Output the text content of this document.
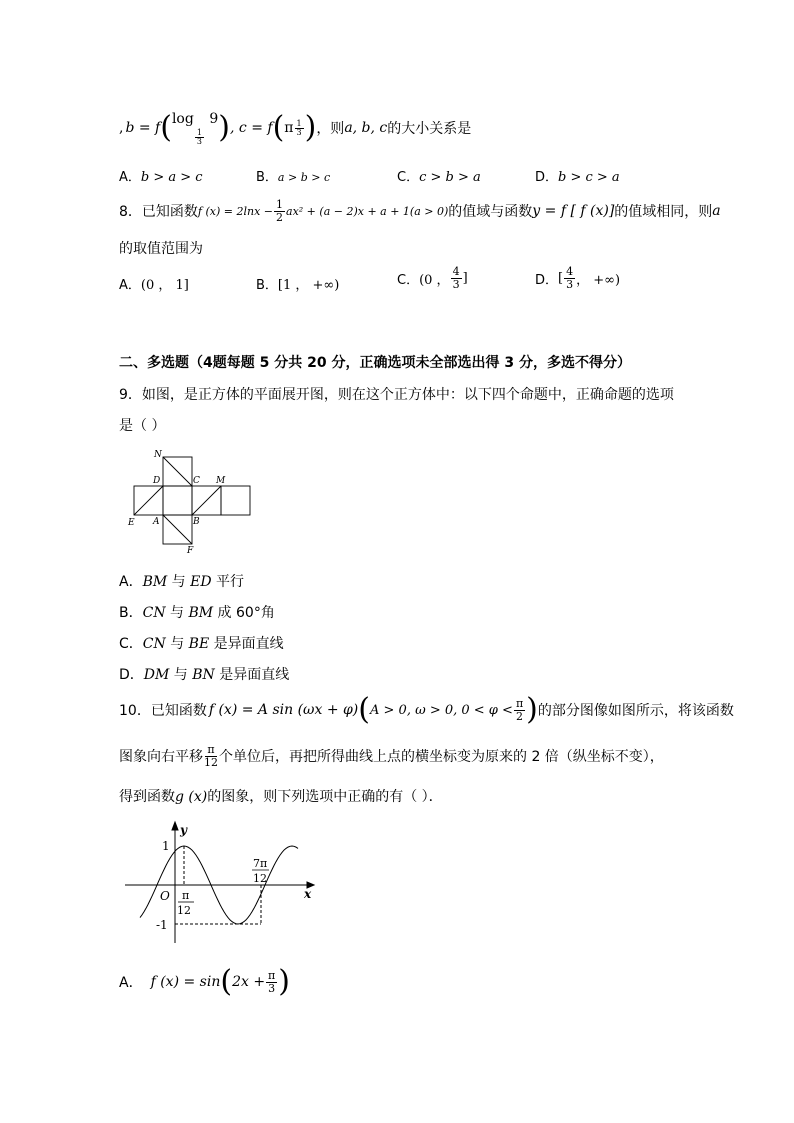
, b = f ( log
$\frac{1}{3}$
9 ) , c = f ( π $\frac{1}{3}$ ) ，则 a, b, c 的大小关系是
A．b > a > c	B．a > b > c	C．c > b > a	D．b > c > a
8．已知函数 f $(x) = 2\ln x - \frac{1}{2} ax^2 + (a - 2)x + a + 1(a > 0)$ 的值域与函数 y = f [ f (x)] 的值域相同，则 a
的取值范围为
A．(0 ， 1]	B．[1 ， +∞)	C． (0 ， $\frac{4}{3}$ ]	D． [ $\frac{4}{3}$ ， +∞)
二、多选题（4题每题 5 分共 20 分，正确选项未全部选出得 3 分，多选不得分）
9．如图，是正方体的平面展开图，则在这个正方体中：以下四个命题中，正确命题的选项
是（ ）
N
D	C M
E A	B
F
A．BM 与 ED 平行
B．CN 与 BM 成 60°角
C．CN 与 BE 是异面直线
D．DM 与 BN 是异面直线
10．已知函数 f (x) = A sin (ωx + φ) ( A > 0, ω > 0, $0 < \varphi < \frac{\pi}{2}$ ) 的部分图像如图所示，将该函数
图象向右平移 $\frac{\pi}{12}$ 个单位后，再把所得曲线上点的横坐标变为原来的 2 倍（纵坐标不变），
得到函数g (x)的图象，则下列选项中正确的有（ ）．
y
x
O
1
-1
π
12
7π
12
A． f (x) = sin ( $2x + \frac{\pi}{3}$ )
